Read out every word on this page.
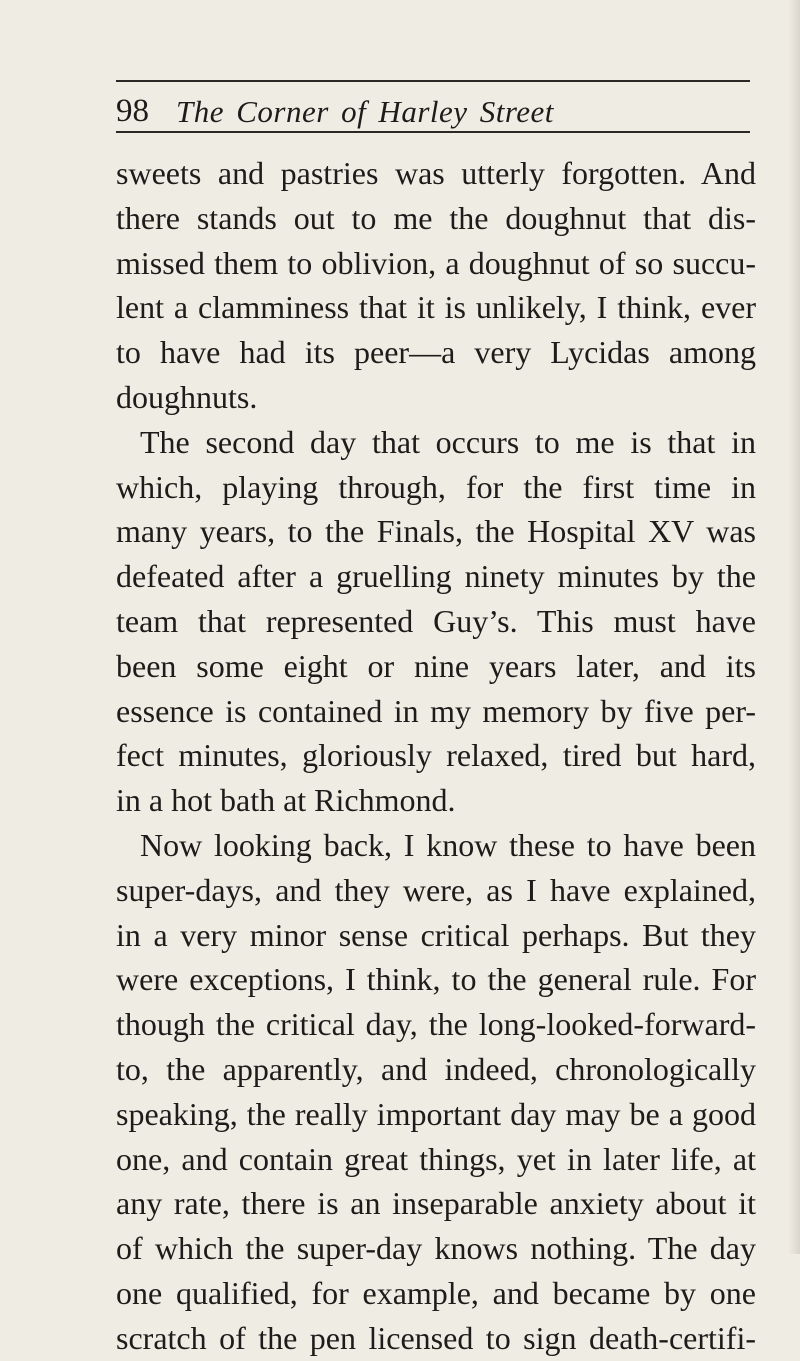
98 The Corner of Harley Street
sweets and pastries was utterly forgotten. And
there stands out to me the doughnut that dis-
missed them to oblivion, a doughnut of so succu-
lent a clamminess that it is unlikely, I think, ever
to have had its peer—a very Lycidas among
doughnuts.
The second day that occurs to me is that in
which, playing through, for the first time in
many years, to the Finals, the Hospital XV was
defeated after a gruelling ninety minutes by the
team that represented Guy’s. This must have
been some eight or nine years later, and its
essence is contained in my memory by five per-
fect minutes, gloriously relaxed, tired but hard,
in a hot bath at Richmond.
Now looking back, I know these to have been
super-days, and they were, as I have explained,
in a very minor sense critical perhaps. But they
were exceptions, I think, to the general rule. For
though the critical day, the long-looked-forward-
to, the apparently, and indeed, chronologically
speaking, the really important day may be a good
one, and contain great things, yet in later life, at
any rate, there is an inseparable anxiety about it
of which the super-day knows nothing. The day
one qualified, for example, and became by one
scratch of the pen licensed to sign death-certifi-
